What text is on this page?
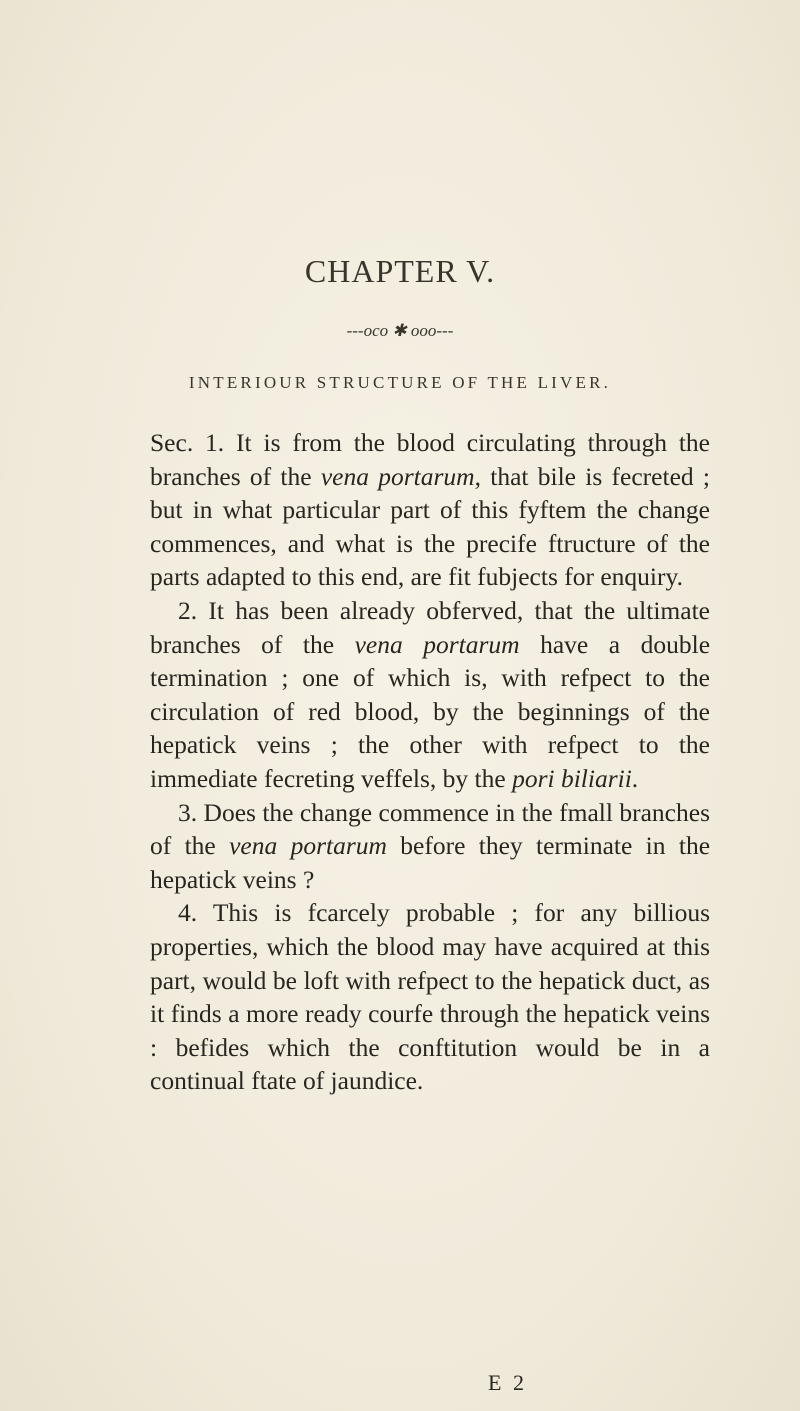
CHAPTER V.
---oco ✱ ooo---
INTERIOUR STRUCTURE OF THE LIVER.

Sec. 1. It is from the blood circulating through the branches of the vena portarum, that bile is fecreted ; but in what particular part of this fyftem the change commences, and what is the precife ftructure of the parts adapted to this end, are fit fubjects for enquiry.

2. It has been already obferved, that the ultimate branches of the vena portarum have a double termination ; one of which is, with refpect to the circulation of red blood, by the beginnings of the hepatick veins ; the other with refpect to the immediate fecreting veffels, by the pori biliarii.

3. Does the change commence in the fmall branches of the vena portarum before they terminate in the hepatick veins ?

4. This is fcarcely probable ; for any billious properties, which the blood may have acquired at this part, would be loft with refpect to the hepatick duct, as it finds a more ready courfe through the hepatick veins : befides which the conftitution would be in a continual ftate of jaundice.

E 2
